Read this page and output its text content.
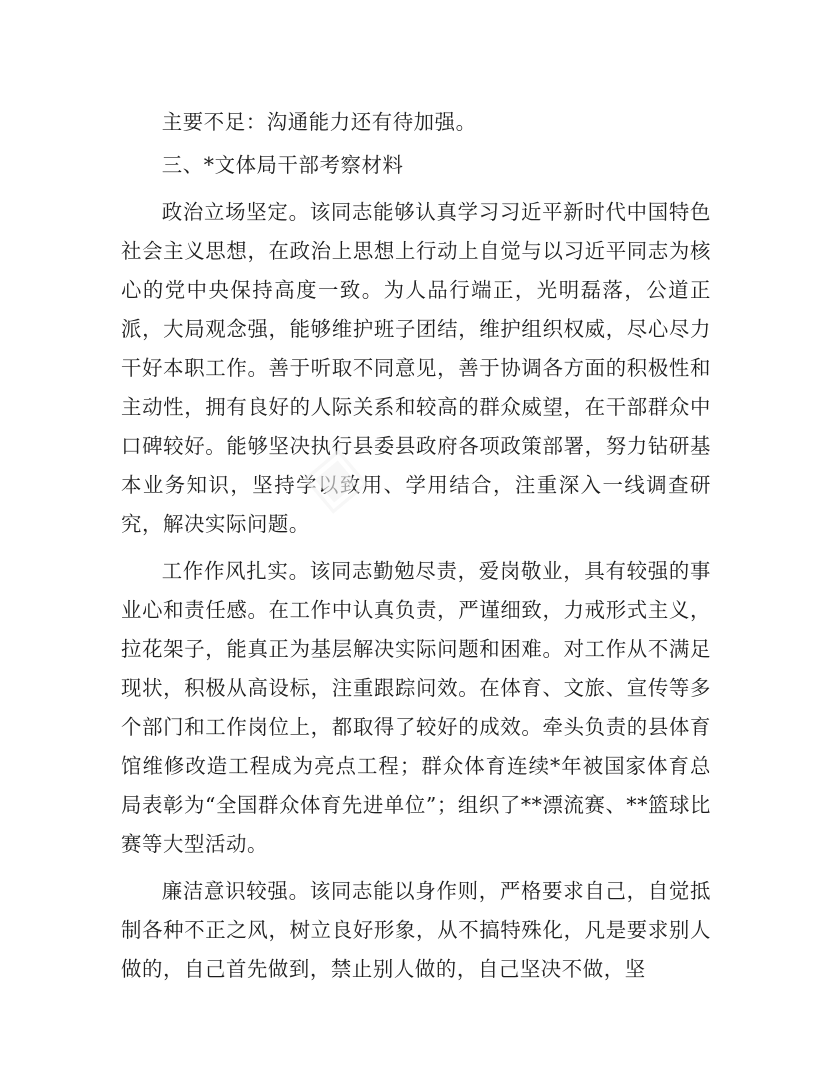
主要不足：沟通能力还有待加强。

三、*文体局干部考察材料

政治立场坚定。该同志能够认真学习习近平新时代中国特色社会主义思想，在政治上思想上行动上自觉与以习近平同志为核心的党中央保持高度一致。为人品行端正，光明磊落，公道正派，大局观念强，能够维护班子团结，维护组织权威，尽心尽力干好本职工作。善于听取不同意见，善于协调各方面的积极性和主动性，拥有良好的人际关系和较高的群众威望，在干部群众中口碑较好。能够坚决执行县委县政府各项政策部署，努力钻研基本业务知识，坚持学以致用、学用结合，注重深入一线调查研究，解决实际问题。

工作作风扎实。该同志勤勉尽责，爱岗敬业，具有较强的事业心和责任感。在工作中认真负责，严谨细致，力戒形式主义，拉花架子，能真正为基层解决实际问题和困难。对工作从不满足现状，积极从高设标，注重跟踪问效。在体育、文旅、宣传等多个部门和工作岗位上，都取得了较好的成效。牵头负责的县体育馆维修改造工程成为亮点工程；群众体育连续*年被国家体育总局表彰为“全国群众体育先进单位”；组织了**漂流赛、**篮球比赛等大型活动。

廉洁意识较强。该同志能以身作则，严格要求自己，自觉抵制各种不正之风，树立良好形象，从不搞特殊化，凡是要求别人做的，自己首先做到，禁止别人做的，自己坚决不做，坚

▣
